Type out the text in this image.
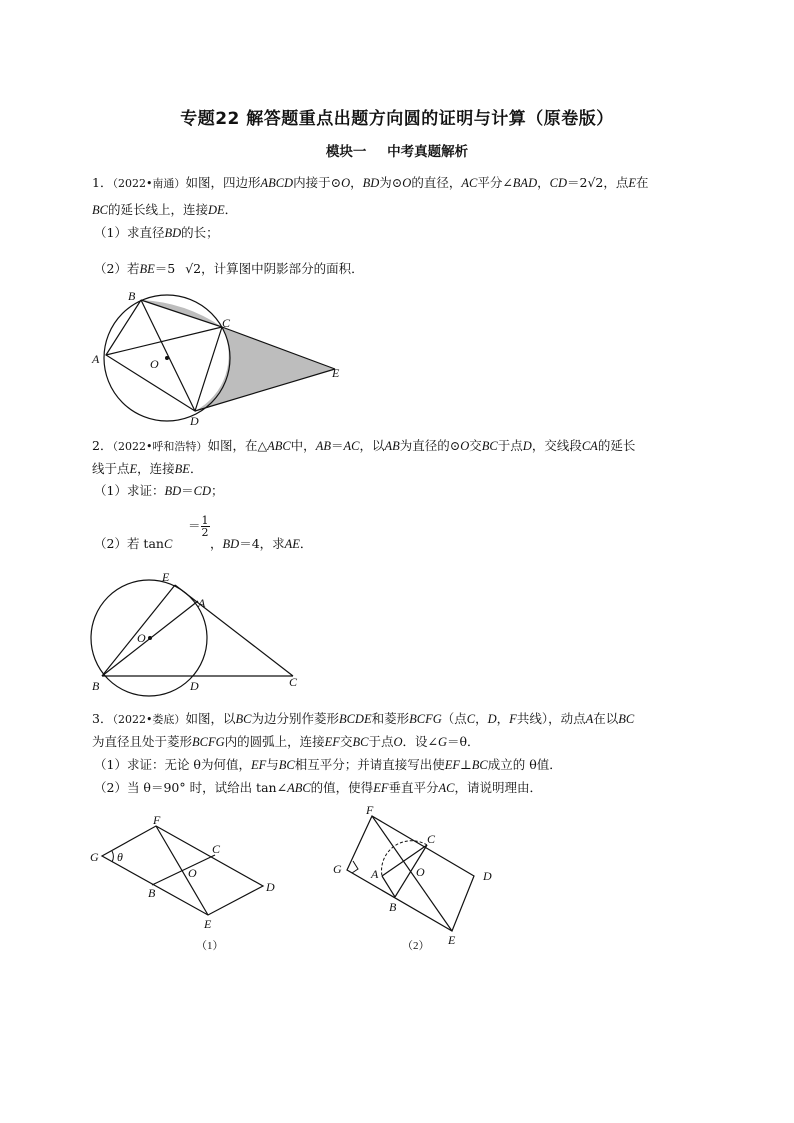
专题22 解答题重点出题方向圆的证明与计算（原卷版）
模块一 中考真题解析
1．（2022•南通）如图，四边形ABCD内接于⊙O，BD为⊙O的直径，AC平分∠BAD，CD＝2√2，点E在
BC的延长线上，连接DE．
（1）求直径BD的长；
（2）若BE＝5 √2，计算图中阴影部分的面积．
B
C
A	O
D
E
E
A
O
B	D	C
F
G θ
C
O
B	D
E
（1）
F
C
G A	O	D
B
E
（2）
2．（2022•呼和浩特）如图，在△ABC中，AB＝AC，以AB为直径的⊙O交BC于点D，交线段CA的延长
线于点E，连接BE．
（1）求证：BD＝CD；
（2）若 tanC
＝ $\frac{1}{2}$
，BD＝4，求AE．
3．（2022•娄底）如图，以BC为边分别作菱形BCDE和菱形BCFG（点C，D，F共线），动点A在以BC
为直径且处于菱形BCFG内的圆弧上，连接EF交BC于点O．设∠G＝θ．
（1）求证：无论 θ为何值，EF与BC相互平分；并请直接写出使EF⊥BC成立的 θ值．
（2）当 θ＝90° 时，试给出 tan∠ABC的值，使得EF垂直平分AC，请说明理由．
